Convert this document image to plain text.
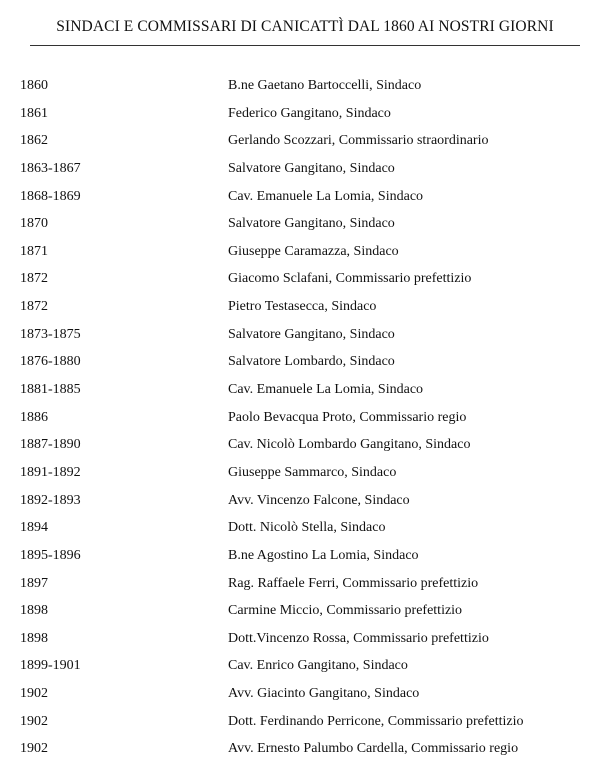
SINDACI E COMMISSARI DI CANICATTÌ DAL 1860 AI NOSTRI GIORNI
1860	B.ne Gaetano Bartoccelli, Sindaco
1861	Federico Gangitano, Sindaco
1862	Gerlando Scozzari, Commissario straordinario
1863-1867	Salvatore Gangitano, Sindaco
1868-1869	Cav. Emanuele La Lomia, Sindaco
1870	Salvatore Gangitano, Sindaco
1871	Giuseppe Caramazza, Sindaco
1872	Giacomo Sclafani, Commissario prefettizio
1872	Pietro Testasecca, Sindaco
1873-1875	Salvatore Gangitano, Sindaco
1876-1880	Salvatore Lombardo, Sindaco
1881-1885	Cav. Emanuele La Lomia, Sindaco
1886	Paolo Bevacqua Proto, Commissario regio
1887-1890	Cav. Nicolò Lombardo Gangitano, Sindaco
1891-1892	Giuseppe Sammarco, Sindaco
1892-1893	Avv. Vincenzo Falcone, Sindaco
1894	Dott. Nicolò Stella, Sindaco
1895-1896	B.ne Agostino La Lomia, Sindaco
1897	Rag. Raffaele Ferri, Commissario prefettizio
1898	Carmine Miccio, Commissario prefettizio
1898	Dott.Vincenzo Rossa, Commissario prefettizio
1899-1901	Cav. Enrico Gangitano, Sindaco
1902	Avv. Giacinto Gangitano, Sindaco
1902	Dott. Ferdinando Perricone, Commissario prefettizio
1902	Avv. Ernesto Palumbo Cardella, Commissario regio
